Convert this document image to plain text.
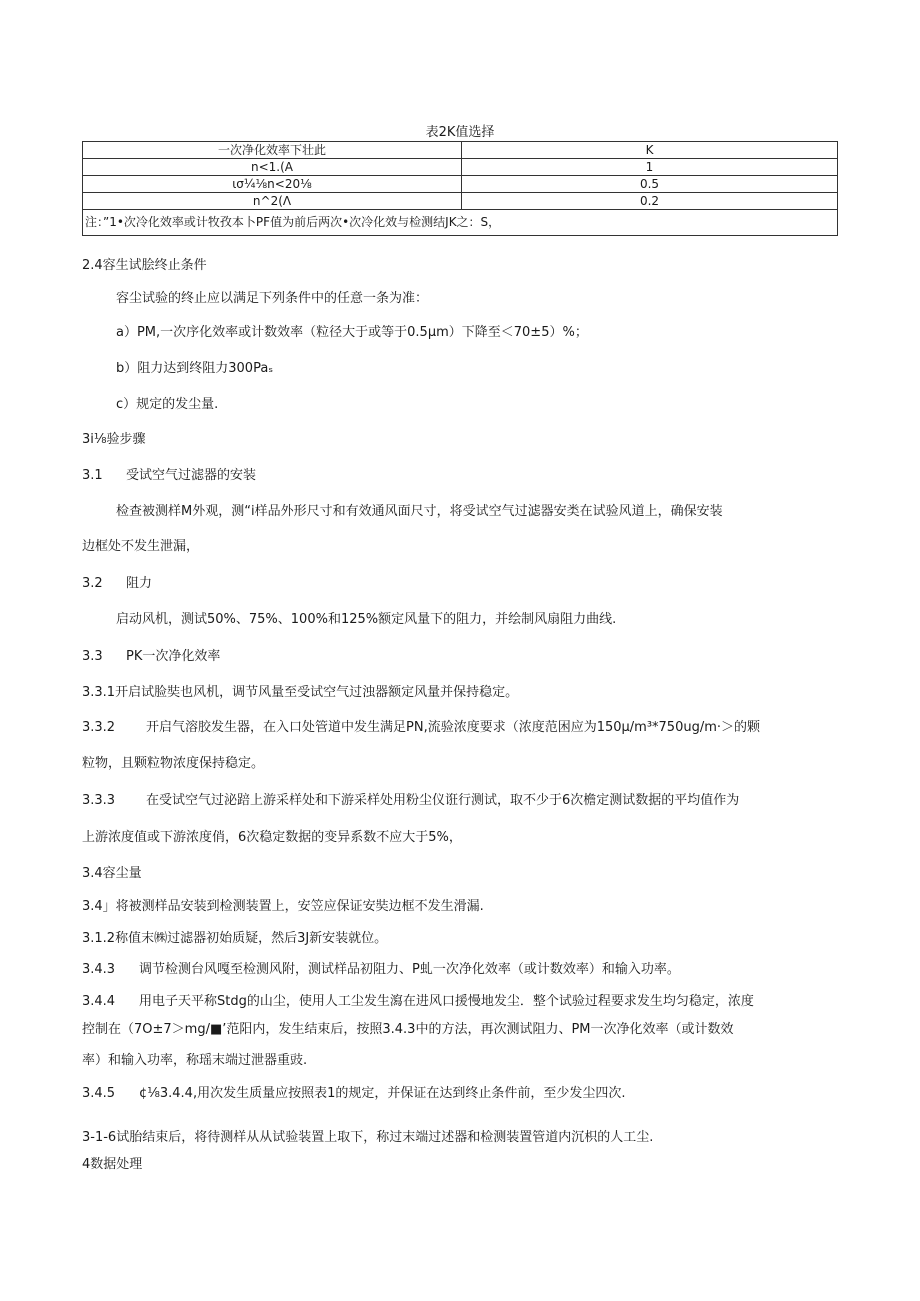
表2K值选择
一次净化效率下壮此	K
n<1.(A	1
ισ¼⅛n<20⅛	0.5
n^2(Λ	0.2
注：”1•次冷化效率或计牧孜本卜PF值为前后两次•次冷化效与检测结JK之：S，	
2.4容生试脍终止条件
容尘试验的终止应以满足下列条件中的任意一条为准：
a）PM,一次序化效率或计数效率（粒径大于或等于0.5μm）下降至＜70±5）%；
b）阻力达到终阻力300Paₛ
c）规定的发尘量.
3i⅛验步骤
3.1 受试空气过滤器的安装
检查被测样M外观，测“i样品外形尺寸和有效通风面尺寸，将受试空气过滤器安类在试验风道上，确保安装
边框处不发生泄漏，
3.2 阻力
启动风机，测试50%、75%、100%和125%额定风量下的阻力，并绘制风扇阻力曲线.
3.3 PK一次净化效率
3.3.1开启试脸奘也风机，调节风量至受试空气过浊器额定风量并保持稳定。
3.3.2 开启气溶胶发生器，在入口处管道中发生满足PN,流验浓度要求（浓度范困应为150µ/m³*750ug/m·＞的颗
粒物，且颗粒物浓度保持稳定。
3.3.3 在受试空气过泌踣上游采样处和下游采样处用粉尘仪诳行测试，取不少于6次檐定测试数据的平均值作为
上游浓度值或下游浓度俏，6次稳定数据的变异系数不应大于5%，
3.4容尘量
3.4」将被测样品安装到检测装置上，安笠应保证安奘边框不发生滑漏.
3.1.2称值末㈱过滤器初始质疑，然后3J新安装就位。
3.4.3 调节检测台风嘎至检测风附，测试样品初阻力、P虬一次净化效率（或计数效率）和输入功率。
3.4.4 用电子天平称Stdg的山尘，使用人工尘发生瀉在进风口援慢地发尘．整个试验过程要求发生均匀稳定，浓度
控制在（7O±7＞mg/■’范阳内，发生结束后，按照3.4.3中的方法，再次测试阻力、PM一次净化效率（或计数效
率）和输入功率，称瑶末端过泄器重豉.
3.4.5 ¢⅛3.4.4,用次发生质量应按照表1的规定，并保证在达到终止条件前，至少发尘四次.
3-1-6试胎结束后，将待测样从从试验装置上取下，称过末端过述器和检测装置管道内沉枳的人工尘.
4数据处理
